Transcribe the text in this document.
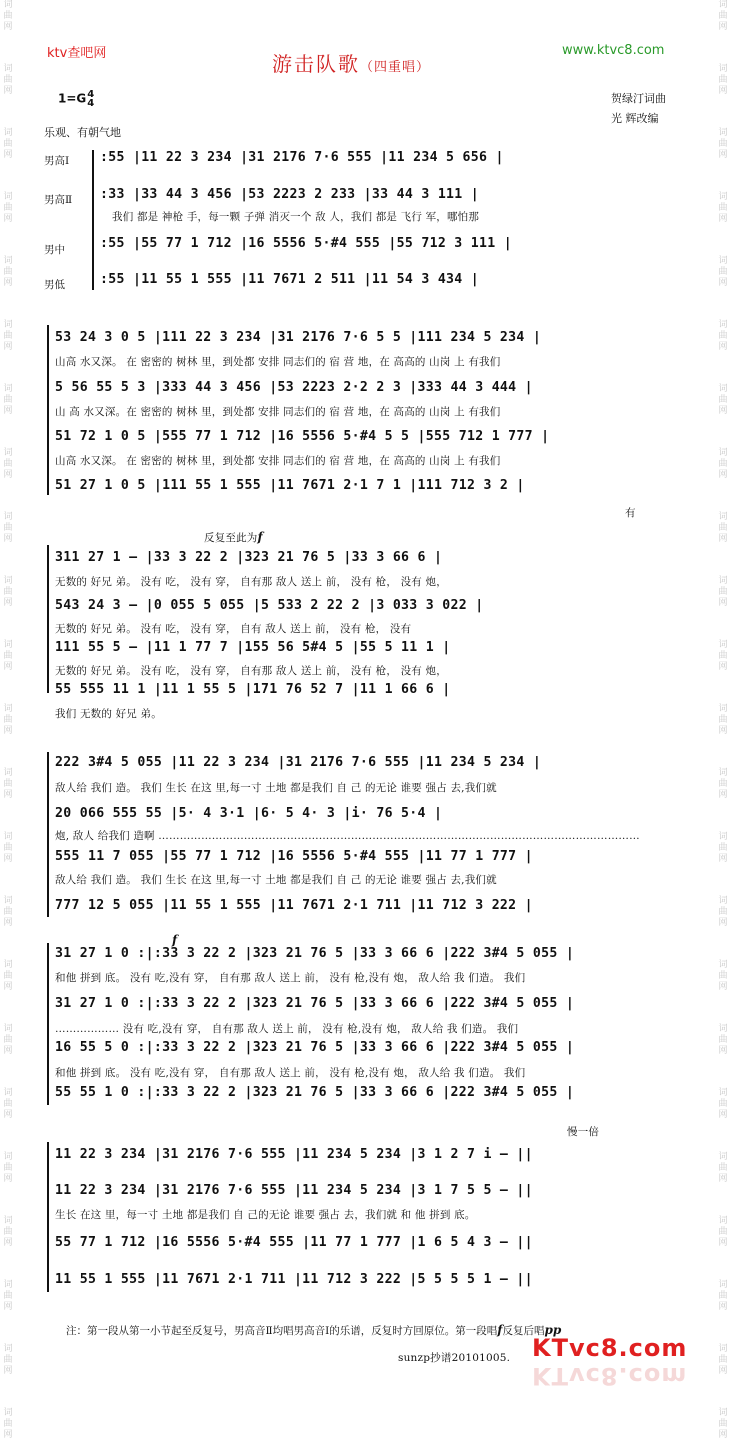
词
曲
网
词
曲
网
词
曲
网
词
曲
网
词
曲
网
词
曲
网
词
曲
网
词
曲
网
词
曲
网
词
曲
网
词
曲
网
词
曲
网
词
曲
网
词
曲
网
词
曲
网
词
曲
网
词
曲
网
词
曲
网
词
曲
网
词
曲
网
词
曲
网
词
曲
网
词
曲
网
词
曲
网
词
曲
网
词
曲
网
词
曲
网
词
曲
网
词
曲
网
词
曲
网
词
曲
网
词
曲
网
词
曲
网
词
曲
网
词
曲
网
词
曲
网
词
曲
网
词
曲
网
词
曲
网
词
曲
网
词
曲
网
词
曲
网
词
曲
网
词
曲
网
词
曲
网
词
曲
网
ktv查吧网	www.ktvc8.com
游击队歌（四重唱）
1=G4
4	贺绿汀词曲
光 辉改编
乐观、有朝气地
男高Ⅰ
男高Ⅱ
男中
男低
:55 |11 22 3 234 |31 2176 7·6 555 |11 234 5 656 |
:33 |33 44 3 456 |53 2223 2 233 |33 44 3 111 |
我们 都是 神枪 手，每一颗 子弹 消灭一个 敌 人，我们 都是 飞行 军，哪怕那
:55 |55 77 1 712 |16 5556 5·#4 555 |55 712 3 111 |
:55 |11 55 1 555 |11 7671 2 511 |11 54 3 434 |
53 24 3 0 5 |111 22 3 234 |31 2176 7·6 5 5 |111 234 5 234 |
山高 水又深。 在 密密的 树林 里，到处都 安排 同志们的 宿 营 地，在 高高的 山岗 上 有我们
5 56 55 5 3 |333 44 3 456 |53 2223 2·2 2 3 |333 44 3 444 |
山 高 水又深。在 密密的 树林 里，到处都 安排 同志们的 宿 营 地，在 高高的 山岗 上 有我们
51 72 1 0 5 |555 77 1 712 |16 5556 5·#4 5 5 |555 712 1 777 |
山高 水又深。 在 密密的 树林 里，到处都 安排 同志们的 宿 营 地，在 高高的 山岗 上 有我们
51 27 1 0 5 |111 55 1 555 |11 7671 2·1 7 1 |111 712 3 2 |
有
反复至此为f
311 27 1 – |33 3 22 2 |323 21 76 5 |33 3 66 6 |
无数的 好兄 弟。 没有 吃， 没有 穿， 自有那 敌人 送上 前， 没有 枪， 没有 炮，
543 24 3 – |0 055 5 055 |5 533 2 22 2 |3 033 3 022 |
无数的 好兄 弟。 没有 吃， 没有 穿， 自有 敌人 送上 前， 没有 枪， 没有
111 55 5 – |11 1 77 7 |155 56 5#4 5 |55 5 11 1 |
无数的 好兄 弟。 没有 吃， 没有 穿， 自有那 敌人 送上 前， 没有 枪， 没有 炮，
55 555 11 1 |11 1 55 5 |171 76 52 7 |11 1 66 6 |
我们 无数的 好兄 弟。
222 3#4 5 055 |11 22 3 234 |31 2176 7·6 555 |11 234 5 234 |
敌人给 我们 造。 我们 生长 在这 里,每一寸 土地 都是我们 自 己 的无论 谁要 强占 去,我们就
20 066 555 55 |5· 4 3·1 |6· 5 4· 3 |i· 76 5·4 |
炮, 敌人 给我们 造啊 ………………………………………………………………………………………………………………………
555 11 7 055 |55 77 1 712 |16 5556 5·#4 555 |11 77 1 777 |
敌人给 我们 造。 我们 生长 在这 里,每一寸 土地 都是我们 自 己 的无论 谁要 强占 去,我们就
777 12 5 055 |11 55 1 555 |11 7671 2·1 711 |11 712 3 222 |
f
31 27 1 0 :|:33 3 22 2 |323 21 76 5 |33 3 66 6 |222 3#4 5 055 |
和他 拼到 底。 没有 吃,没有 穿， 自有那 敌人 送上 前， 没有 枪,没有 炮， 敌人给 我 们造。 我们
31 27 1 0 :|:33 3 22 2 |323 21 76 5 |33 3 66 6 |222 3#4 5 055 |
……………… 没有 吃,没有 穿， 自有那 敌人 送上 前， 没有 枪,没有 炮， 敌人给 我 们造。 我们
16 55 5 0 :|:33 3 22 2 |323 21 76 5 |33 3 66 6 |222 3#4 5 055 |
和他 拼到 底。 没有 吃,没有 穿， 自有那 敌人 送上 前， 没有 枪,没有 炮， 敌人给 我 们造。 我们
55 55 1 0 :|:33 3 22 2 |323 21 76 5 |33 3 66 6 |222 3#4 5 055 |
慢一倍
11 22 3 234 |31 2176 7·6 555 |11 234 5 234 |3 1 2 7 i – ||
11 22 3 234 |31 2176 7·6 555 |11 234 5 234 |3 1 7 5 5 – ||
生长 在这 里，每一寸 土地 都是我们 自 己的无论 谁要 强占 去，我们就 和 他 拼到 底。
55 77 1 712 |16 5556 5·#4 555 |11 77 1 777 |1 6 5 4 3 – ||
11 55 1 555 |11 7671 2·1 711 |11 712 3 222 |5 5 5 5 1 – ||
注：第一段从第一小节起至反复号，男高音Ⅱ均唱男高音Ⅰ的乐谱，反复时方回原位。第一段唱f反复后唱pp
sunzp抄谱20101005. KTvc8.com
KTvc8.com
